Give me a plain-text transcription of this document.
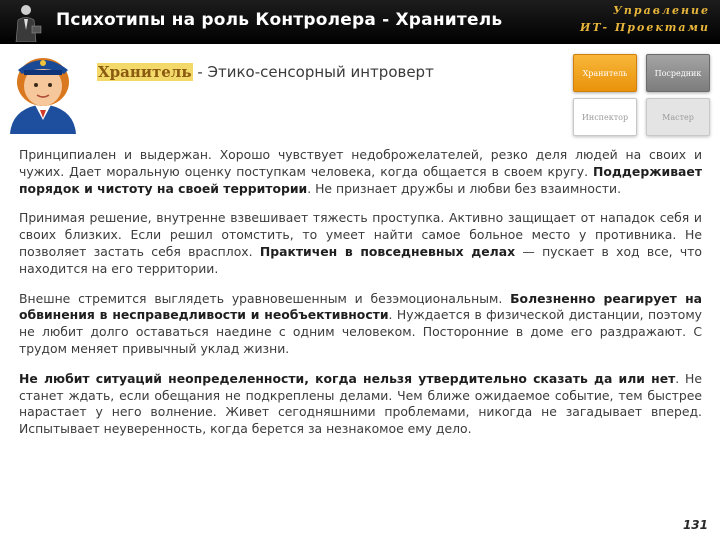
Психотипы на роль Контролера - Хранитель	Управление
ИТ- Проектами
Хранитель - Этико-сенсорный интроверт	Хранитель	Посредник
Инспектор	Мастер

Принципиален и выдержан. Хорошо чувствует недоброжелателей, резко деля людей на своих и чужих. Дает моральную оценку поступкам человека, когда общается в своем кругу. Поддерживает порядок и чистоту на своей территории. Не признает дружбы и любви без взаимности.

Принимая решение, внутренне взвешивает тяжесть проступка. Активно защищает от нападок себя и своих близких. Если решил отомстить, то умеет найти самое больное место у противника. Не позволяет застать себя врасплох. Практичен в повседневных делах — пускает в ход все, что находится на его территории.

Внешне стремится выглядеть уравновешенным и безэмоциональным. Болезненно реагирует на обвинения в несправедливости и необъективности. Нуждается в физической дистанции, поэтому не любит долго оставаться наедине с одним человеком. Посторонние в доме его раздражают. С трудом меняет привычный уклад жизни.

Не любит ситуаций неопределенности, когда нельзя утвердительно сказать да или нет. Не станет ждать, если обещания не подкреплены делами. Чем ближе ожидаемое событие, тем быстрее нарастает у него волнение. Живет сегодняшними проблемами, никогда не загадывает вперед. Испытывает неуверенность, когда берется за незнакомое ему дело.

131
